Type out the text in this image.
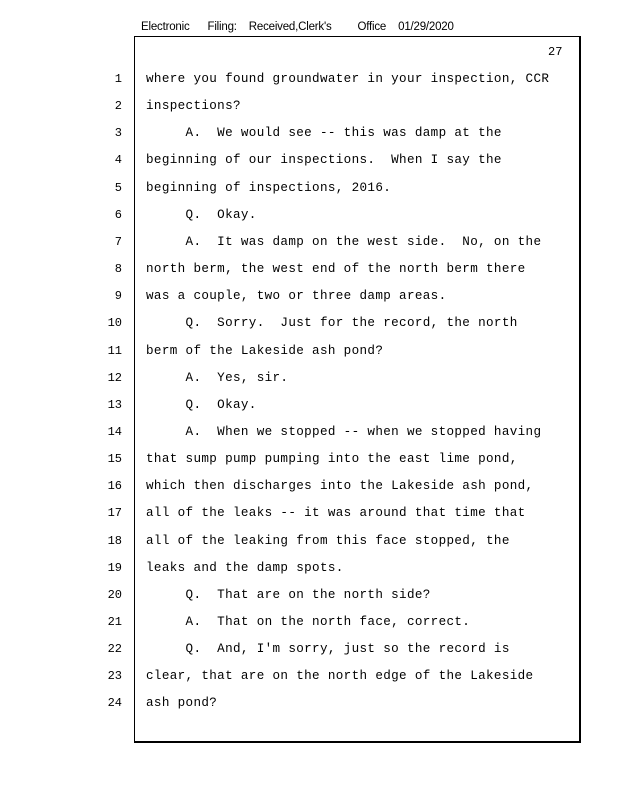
Electronic Filing: Received,Clerk's Office 01/29/2020
27
1 where you found groundwater in your inspection, CCR
2 inspections?
3 A.  We would see -- this was damp at the
4 beginning of our inspections.  When I say the
5 beginning of inspections, 2016.
6 Q.  Okay.
7 A.  It was damp on the west side.  No, on the
8 north berm, the west end of the north berm there
9 was a couple, two or three damp areas.
10 Q.  Sorry.  Just for the record, the north
11 berm of the Lakeside ash pond?
12 A.  Yes, sir.
13 Q.  Okay.
14 A.  When we stopped -- when we stopped having
15 that sump pump pumping into the east lime pond,
16 which then discharges into the Lakeside ash pond,
17 all of the leaks -- it was around that time that
18 all of the leaking from this face stopped, the
19 leaks and the damp spots.
20 Q.  That are on the north side?
21 A.  That on the north face, correct.
22 Q.  And, I'm sorry, just so the record is
23 clear, that are on the north edge of the Lakeside
24 ash pond?
